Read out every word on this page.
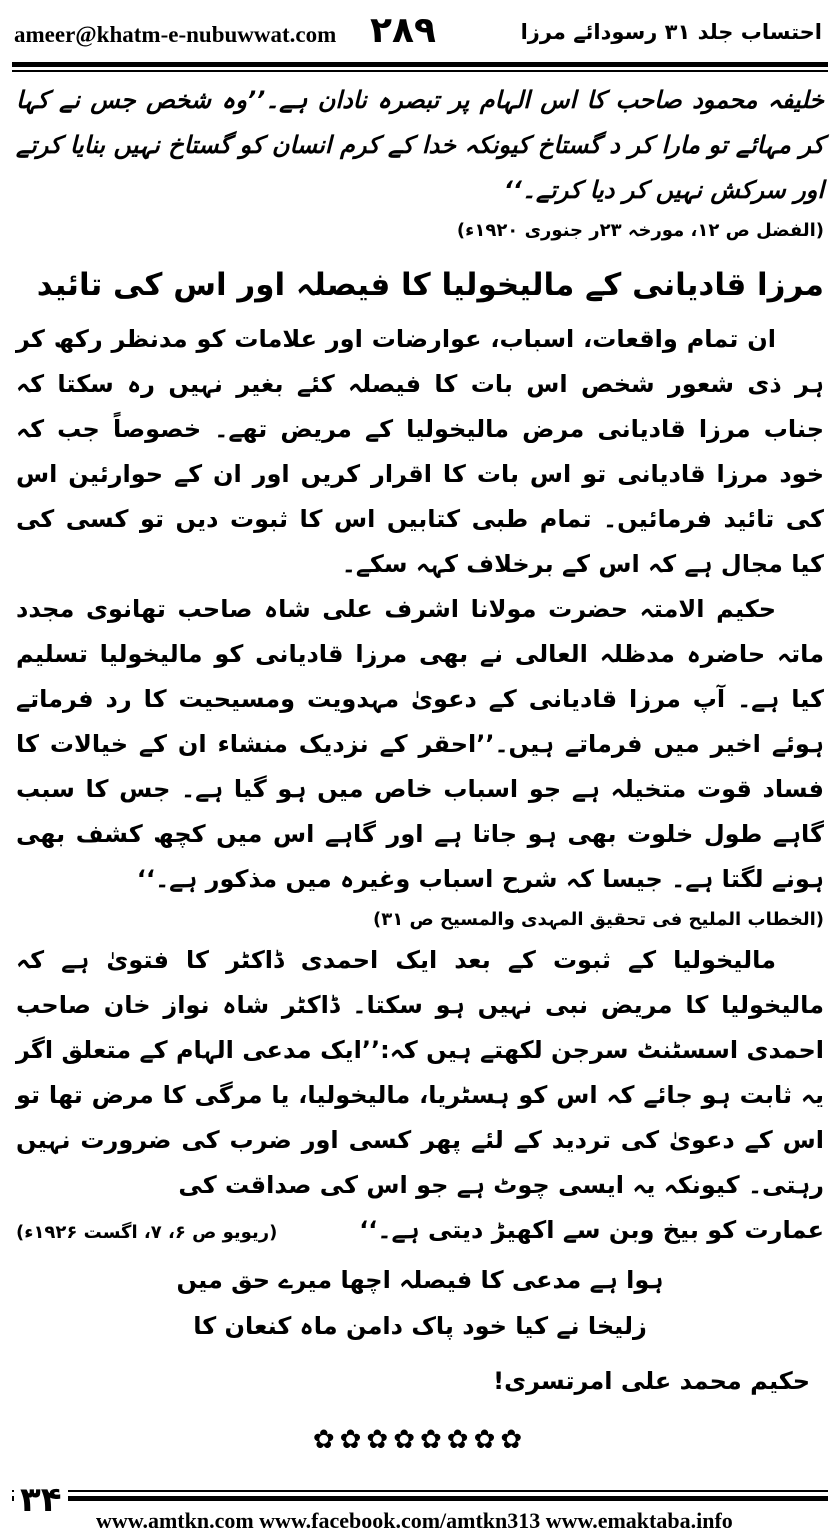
ameer@khatm-e-nubuwwat.com ۲۸۹	احتساب جلد ۳۱ رسودائے مرزا

خلیفہ محمود صاحب کا اس الہام پر تبصرہ نادان ہے۔’’وہ شخص جس نے کہا کر مہائے تو مارا کر د گستاخ کیونکہ خدا کے کرم انسان کو گستاخ نہیں بنایا کرتے اور سرکش نہیں کر دیا کرتے۔‘‘

(الفضل ص ۱۲، مورخہ ۲۳ر جنوری ۱۹۲۰ء)

مرزا قادیانی کے مالیخولیا کا فیصلہ اور اس کی تائید

ان تمام واقعات، اسباب، عوارضات اور علامات کو مدنظر رکھ کر ہر ذی شعور شخص اس بات کا فیصلہ کئے بغیر نہیں رہ سکتا کہ جناب مرزا قادیانی مرض مالیخولیا کے مریض تھے۔ خصوصاً جب کہ خود مرزا قادیانی تو اس بات کا اقرار کریں اور ان کے حوارئین اس کی تائید فرمائیں۔ تمام طبی کتابیں اس کا ثبوت دیں تو کسی کی کیا مجال ہے کہ اس کے برخلاف کہہ سکے۔

حکیم الامتہ حضرت مولانا اشرف علی شاہ صاحب تھانوی مجدد ماتہ حاضرہ مدظلہ العالی نے بھی مرزا قادیانی کو مالیخولیا تسلیم کیا ہے۔ آپ مرزا قادیانی کے دعویٰ مہدویت ومسیحیت کا رد فرماتے ہوئے اخیر میں فرماتے ہیں۔’’احقر کے نزدیک منشاء ان کے خیالات کا فساد قوت متخیلہ ہے جو اسباب خاص میں ہو گیا ہے۔ جس کا سبب گاہے طول خلوت بھی ہو جاتا ہے اور گاہے اس میں کچھ کشف بھی ہونے لگتا ہے۔ جیسا کہ شرح اسباب وغیرہ میں مذکور ہے۔‘‘

(الخطاب الملیح فی تحقیق المہدی والمسیح ص ۳۱)

مالیخولیا کے ثبوت کے بعد ایک احمدی ڈاکٹر کا فتویٰ ہے کہ مالیخولیا کا مریض نبی نہیں ہو سکتا۔ ڈاکٹر شاہ نواز خان صاحب احمدی اسسٹنٹ سرجن لکھتے ہیں کہ:’’ایک مدعی الہام کے متعلق اگر یہ ثابت ہو جائے کہ اس کو ہسٹریا، مالیخولیا، یا مرگی کا مرض تھا تو اس کے دعویٰ کی تردید کے لئے پھر کسی اور ضرب کی ضرورت نہیں رہتی۔ کیونکہ یہ ایسی چوٹ ہے جو اس کی صداقت کی

عمارت کو بیخ وبن سے اکھیڑ دیتی ہے۔‘‘
(ریویو ص ۶، ۷، اگست ۱۹۲۶ء)

ہوا ہے مدعی کا فیصلہ اچھا میرے حق میں

زلیخا نے کیا خود پاک دامن ماہ کنعان کا

حکیم محمد علی امرتسری!

✿✿✿✿✿✿✿✿
۳۴
www.amtkn.com www.facebook.com/amtkn313 www.emaktaba.info
